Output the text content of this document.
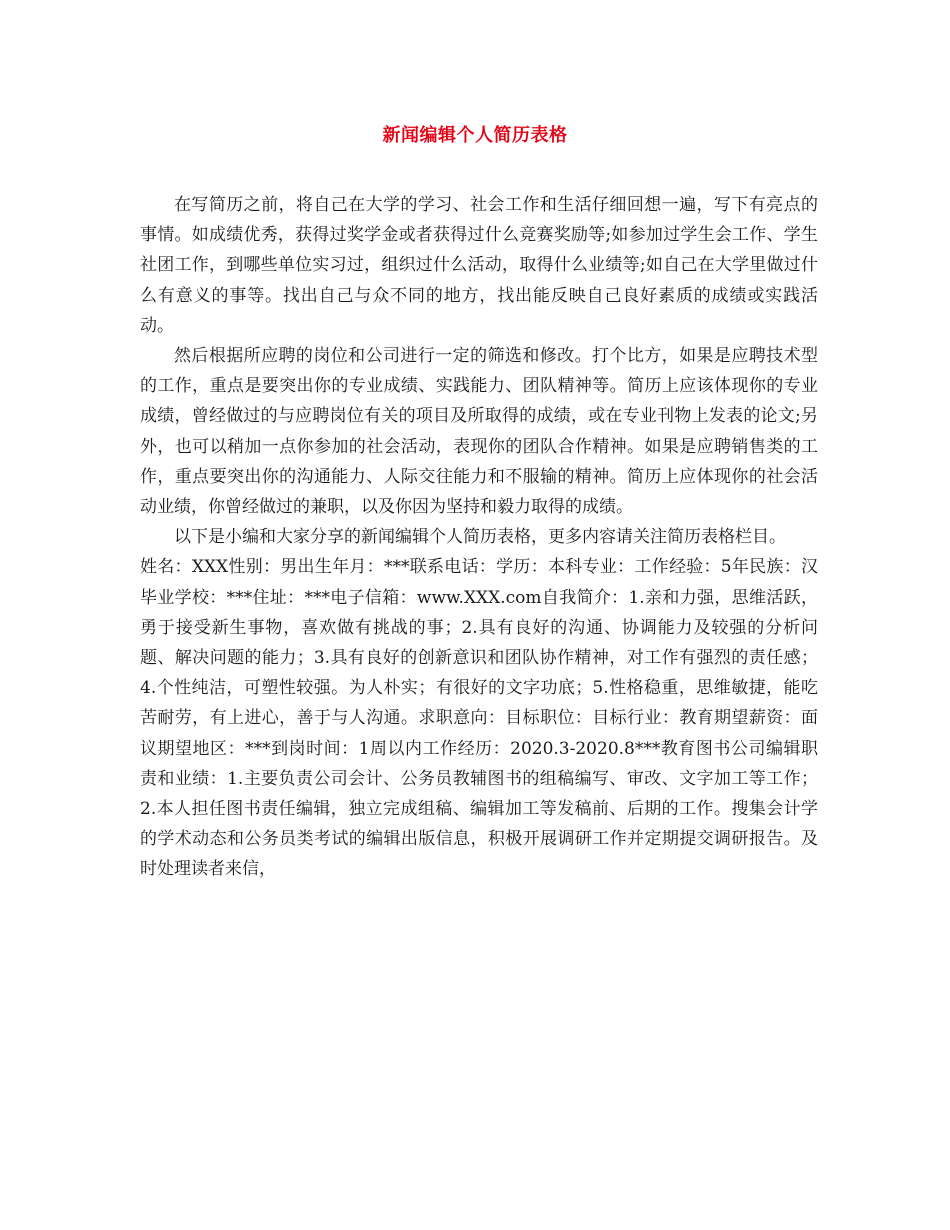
新闻编辑个人简历表格

在写简历之前，将自己在大学的学习、社会工作和生活仔细回想一遍，写下有亮点的事情。如成绩优秀，获得过奖学金或者获得过什么竞赛奖励等;如参加过学生会工作、学生社团工作，到哪些单位实习过，组织过什么活动，取得什么业绩等;如自己在大学里做过什么有意义的事等。找出自己与众不同的地方，找出能反映自己良好素质的成绩或实践活动。

然后根据所应聘的岗位和公司进行一定的筛选和修改。打个比方，如果是应聘技术型的工作，重点是要突出你的专业成绩、实践能力、团队精神等。简历上应该体现你的专业成绩，曾经做过的与应聘岗位有关的项目及所取得的成绩，或在专业刊物上发表的论文;另外，也可以稍加一点你参加的社会活动，表现你的团队合作精神。如果是应聘销售类的工作，重点要突出你的沟通能力、人际交往能力和不服输的精神。简历上应体现你的社会活动业绩，你曾经做过的兼职，以及你因为坚持和毅力取得的成绩。

以下是小编和大家分享的新闻编辑个人简历表格，更多内容请关注简历表格栏目。

姓名：XXX性别：男出生年月：***联系电话：学历：本科专业：工作经验：5年民族：汉毕业学校：***住址：***电子信箱：www.XXX.com自我简介：1.亲和力强，思维活跃，勇于接受新生事物，喜欢做有挑战的事；2.具有良好的沟通、协调能力及较强的分析问题、解决问题的能力；3.具有良好的创新意识和团队协作精神，对工作有强烈的责任感；4.个性纯洁，可塑性较强。为人朴实；有很好的文字功底；5.性格稳重，思维敏捷，能吃苦耐劳，有上进心，善于与人沟通。求职意向：目标职位：目标行业：教育期望薪资：面议期望地区：***到岗时间：1周以内工作经历：2020.3-2020.8***教育图书公司编辑职责和业绩：1.主要负责公司会计、公务员教辅图书的组稿编写、审改、文字加工等工作；2.本人担任图书责任编辑，独立完成组稿、编辑加工等发稿前、后期的工作。搜集会计学的学术动态和公务员类考试的编辑出版信息，积极开展调研工作并定期提交调研报告。及时处理读者来信，
